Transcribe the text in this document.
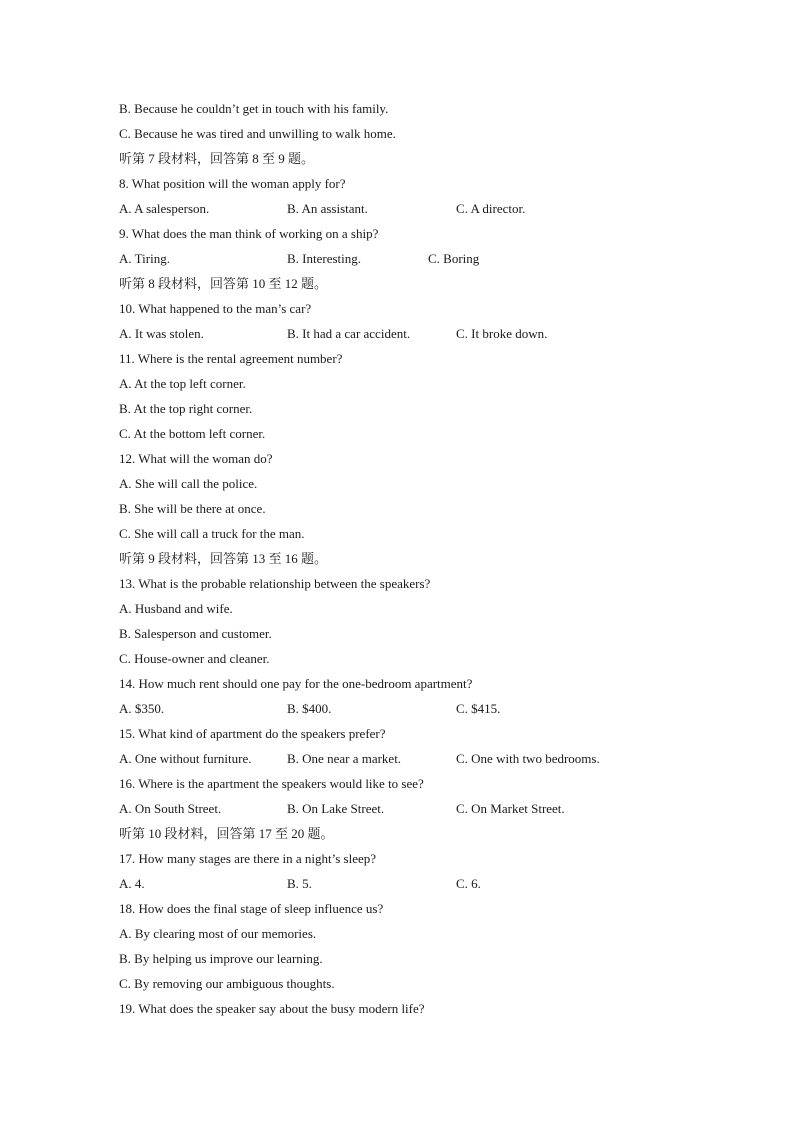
B. Because he couldn’t get in touch with his family.
C. Because he was tired and unwilling to walk home.
听第 7 段材料，回答第 8 至 9 题。
8. What position will the woman apply for?
A. A salesperson.	B. An assistant.	C. A director.
9. What does the man think of working on a ship?
A. Tiring.	B. Interesting.	C. Boring
听第 8 段材料，回答第 10 至 12 题。
10. What happened to the man’s car?
A. It was stolen.	B. It had a car accident.	C. It broke down.
11. Where is the rental agreement number?
A. At the top left corner.
B. At the top right corner.
C. At the bottom left corner.
12. What will the woman do?
A. She will call the police.
B. She will be there at once.
C. She will call a truck for the man.
听第 9 段材料，回答第 13 至 16 题。
13. What is the probable relationship between the speakers?
A. Husband and wife.
B. Salesperson and customer.
C. House-owner and cleaner.
14. How much rent should one pay for the one-bedroom apartment?
A. $350.	B. $400.	C. $415.
15. What kind of apartment do the speakers prefer?
A. One without furniture.	B. One near a market.	C. One with two bedrooms.
16. Where is the apartment the speakers would like to see?
A. On South Street.	B. On Lake Street.	C. On Market Street.
听第 10 段材料，回答第 17 至 20 题。
17. How many stages are there in a night’s sleep?
A. 4.	B. 5.	C. 6.
18. How does the final stage of sleep influence us?
A. By clearing most of our memories.
B. By helping us improve our learning.
C. By removing our ambiguous thoughts.
19. What does the speaker say about the busy modern life?
